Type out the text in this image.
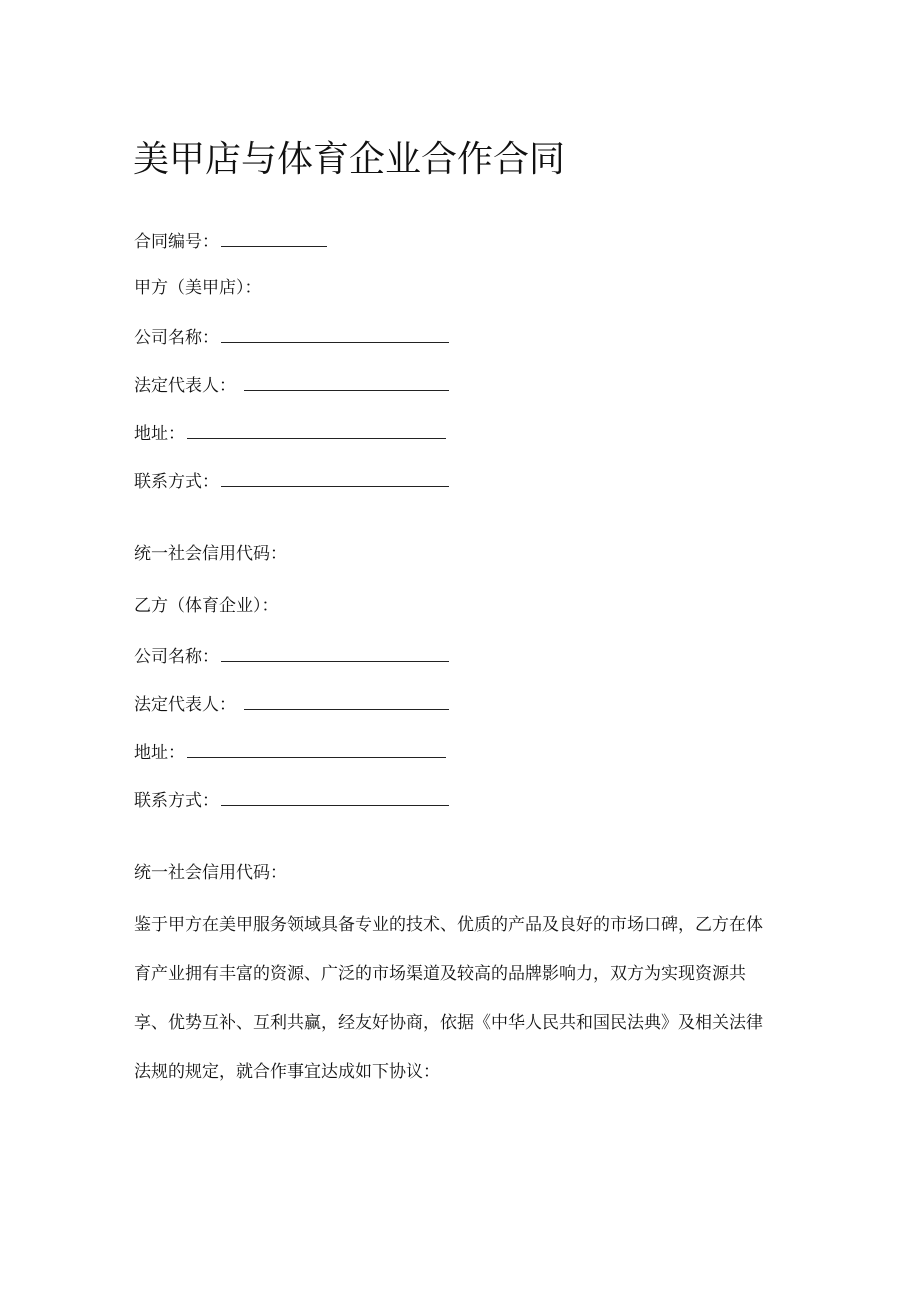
美甲店与体育企业合作合同
合同编号：
甲方（美甲店）：
公司名称：
法定代表人：
地址：
联系方式：
统一社会信用代码：
乙方（体育企业）：
公司名称：
法定代表人：
地址：
联系方式：
统一社会信用代码：
鉴于甲方在美甲服务领域具备专业的技术、优质的产品及良好的市场口碑，乙方在体
育产业拥有丰富的资源、广泛的市场渠道及较高的品牌影响力，双方为实现资源共
享、优势互补、互利共赢，经友好协商，依据《中华人民共和国民法典》及相关法律
法规的规定，就合作事宜达成如下协议：
